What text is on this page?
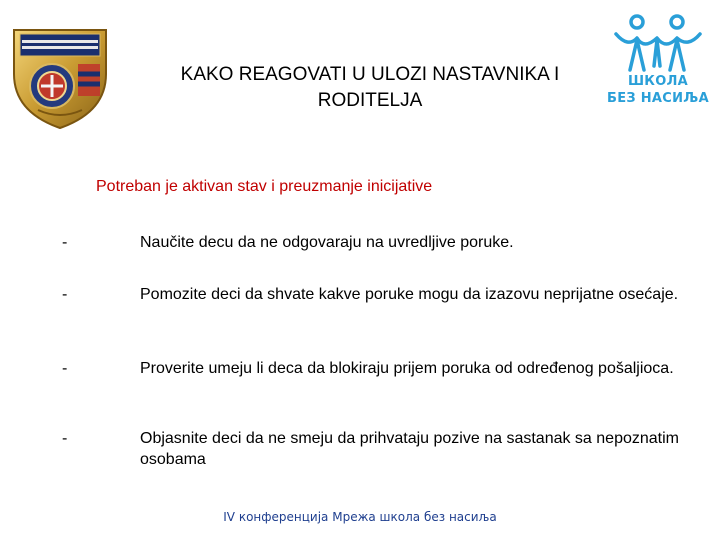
ШКОЛА
БЕЗ НАСИЉА
KAKO REAGOVATI U ULOZI NASTAVNIKA I
RODITELJA
Potreban je aktivan stav i preuzmanje inicijative
-	Naučite decu da ne odgovaraju na uvredljive poruke.
-	Pomozite deci da shvate kakve poruke mogu da izazovu neprijatne osećaje.
-	Proverite umeju li deca da blokiraju prijem poruka od određenog pošaljioca.
-	Objasnite deci da ne smeju da prihvataju pozive na sastanak sa nepoznatim osobama
IV конференција Мрежа школа без насиља
